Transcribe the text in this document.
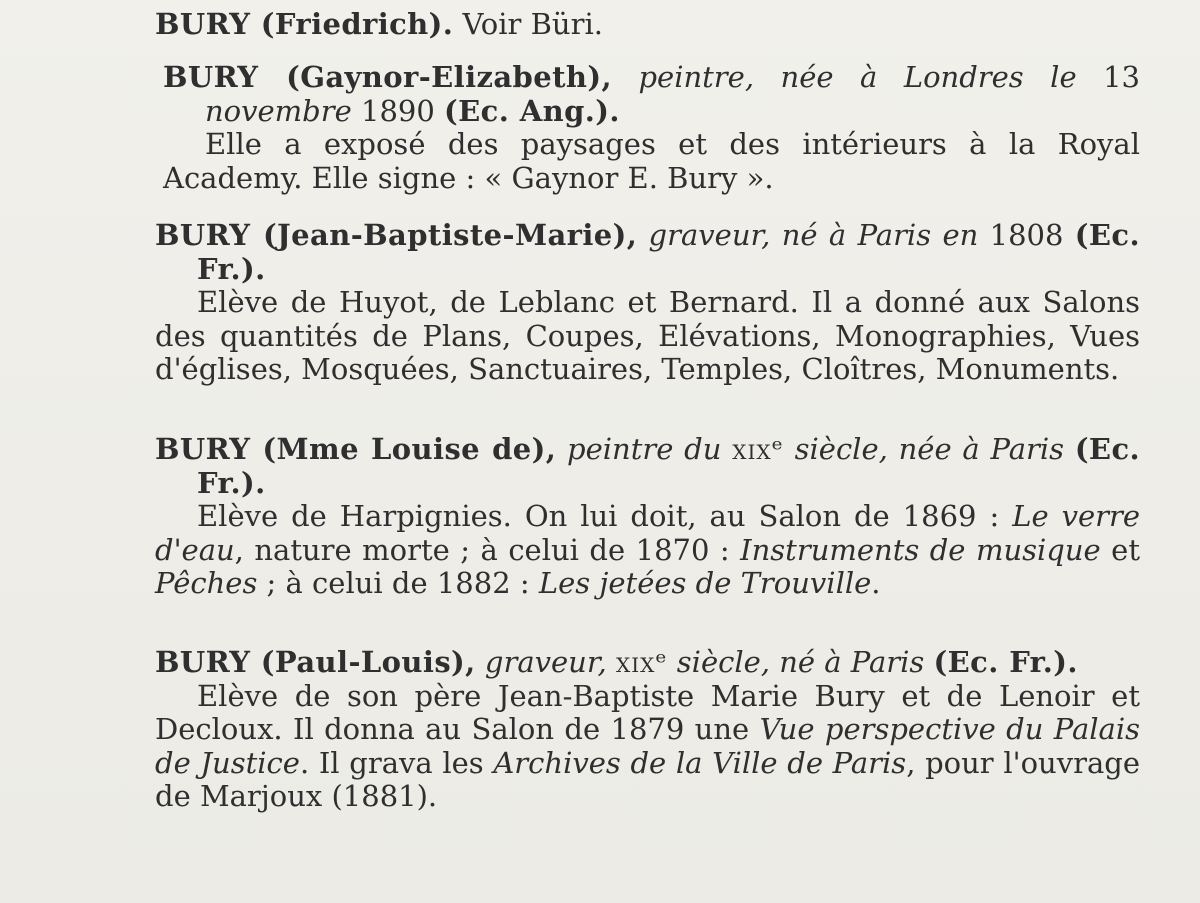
BURY (Friedrich). Voir Büri.

BURY (Gaynor-Elizabeth), peintre, née à Londres le 13 novembre 1890 (Ec. Ang.).

Elle a exposé des paysages et des intérieurs à la Royal Academy. Elle signe : « Gaynor E. Bury ».

BURY (Jean-Baptiste-Marie), graveur, né à Paris en 1808 (Ec. Fr.).

Elève de Huyot, de Leblanc et Bernard. Il a donné aux Salons des quantités de Plans, Coupes, Elévations, Monographies, Vues d'églises, Mosquées, Sanctuaires, Temples, Cloîtres, Monuments.

BURY (Mme Louise de), peintre du xixᵉ siècle, née à Paris (Ec. Fr.).

Elève de Harpignies. On lui doit, au Salon de 1869 : Le verre d'eau, nature morte ; à celui de 1870 : Instruments de musique et Pêches ; à celui de 1882 : Les jetées de Trouville.

BURY (Paul-Louis), graveur, xixᵉ siècle, né à Paris (Ec. Fr.).

Elève de son père Jean-Baptiste Marie Bury et de Lenoir et Decloux. Il donna au Salon de 1879 une Vue perspective du Palais de Justice. Il grava les Archives de la Ville de Paris, pour l'ouvrage de Marjoux (1881).
